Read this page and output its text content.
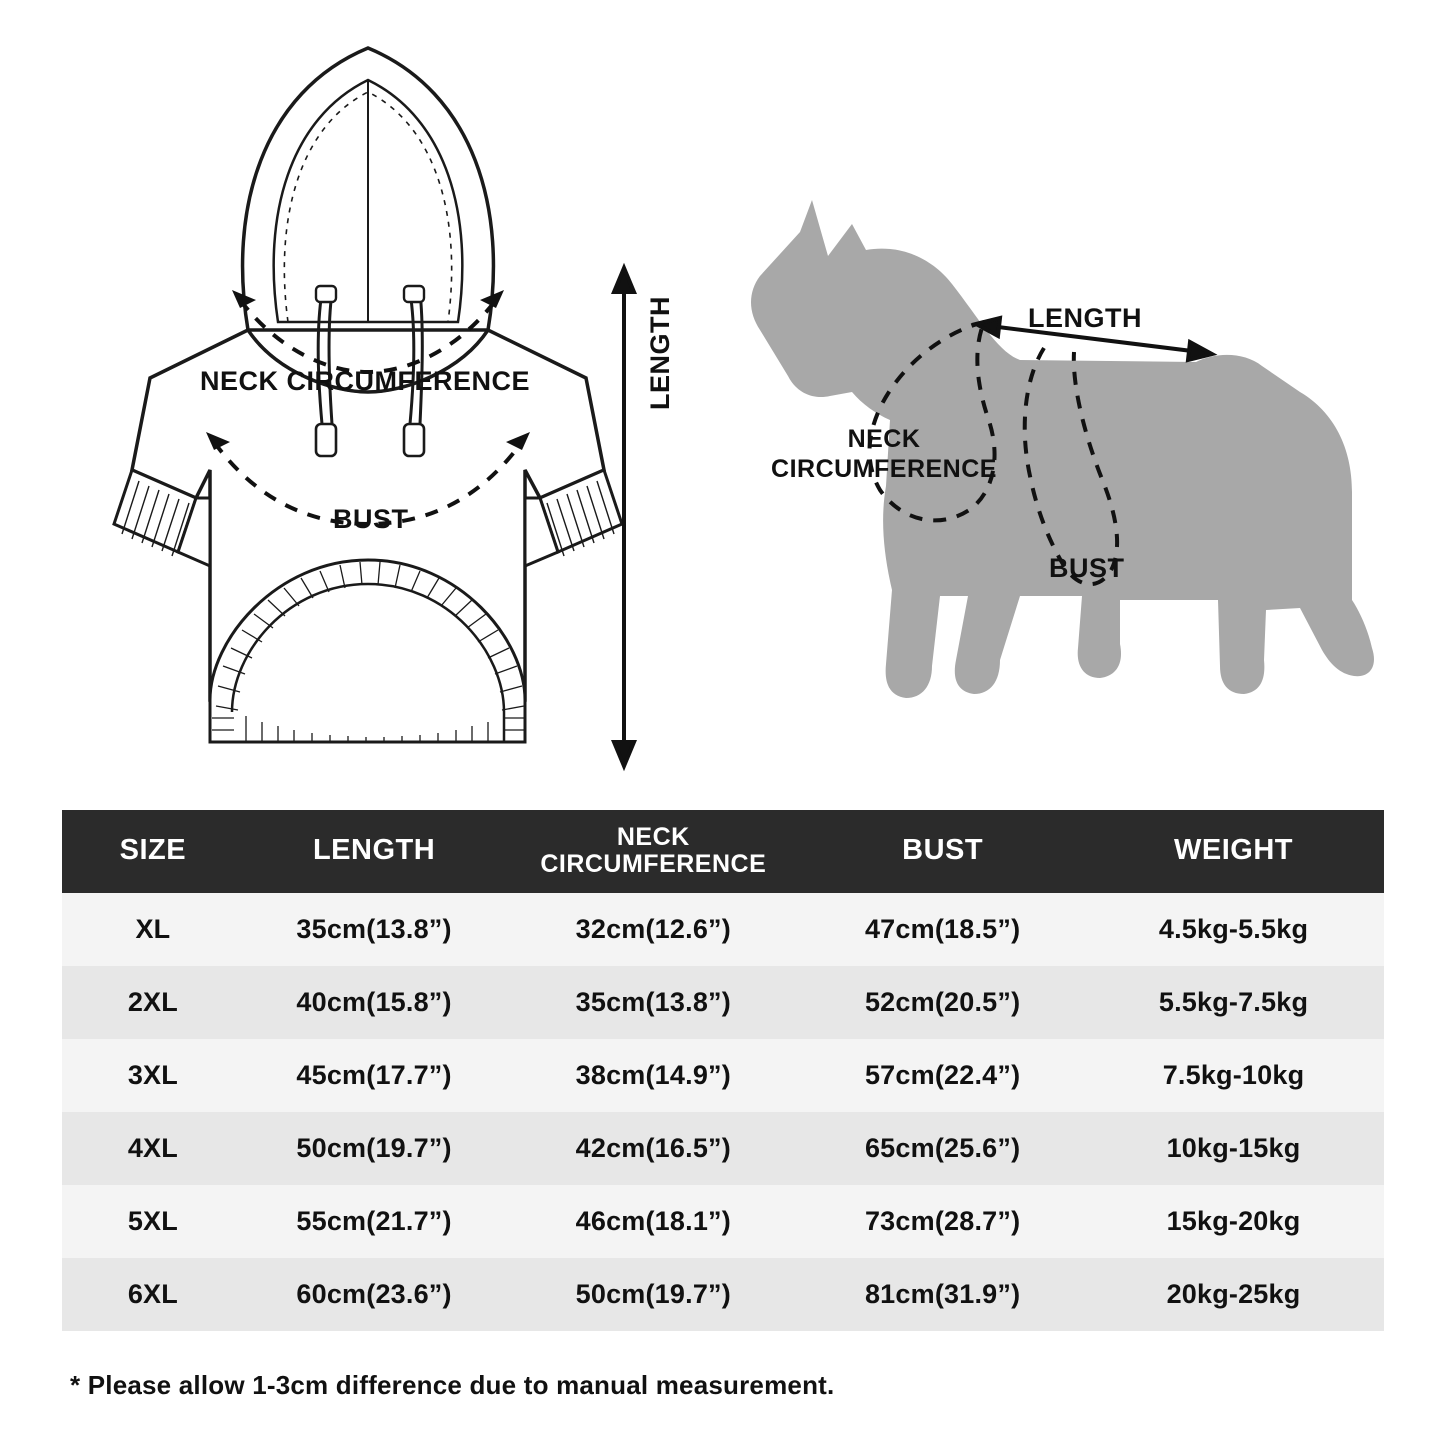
NECK CIRCUMFERENCE
BUST
LENGTH	LENGTH
NECK CIRCUMFERENCE
BUST
SIZE	LENGTH	NECK CIRCUMFERENCE	BUST	WEIGHT
XL	35cm(13.8”)	32cm(12.6”)	47cm(18.5”)	4.5kg-5.5kg
2XL	40cm(15.8”)	35cm(13.8”)	52cm(20.5”)	5.5kg-7.5kg
3XL	45cm(17.7”)	38cm(14.9”)	57cm(22.4”)	7.5kg-10kg
4XL	50cm(19.7”)	42cm(16.5”)	65cm(25.6”)	10kg-15kg
5XL	55cm(21.7”)	46cm(18.1”)	73cm(28.7”)	15kg-20kg
6XL	60cm(23.6”)	50cm(19.7”)	81cm(31.9”)	20kg-25kg
* Please allow 1-3cm difference due to manual measurement.
